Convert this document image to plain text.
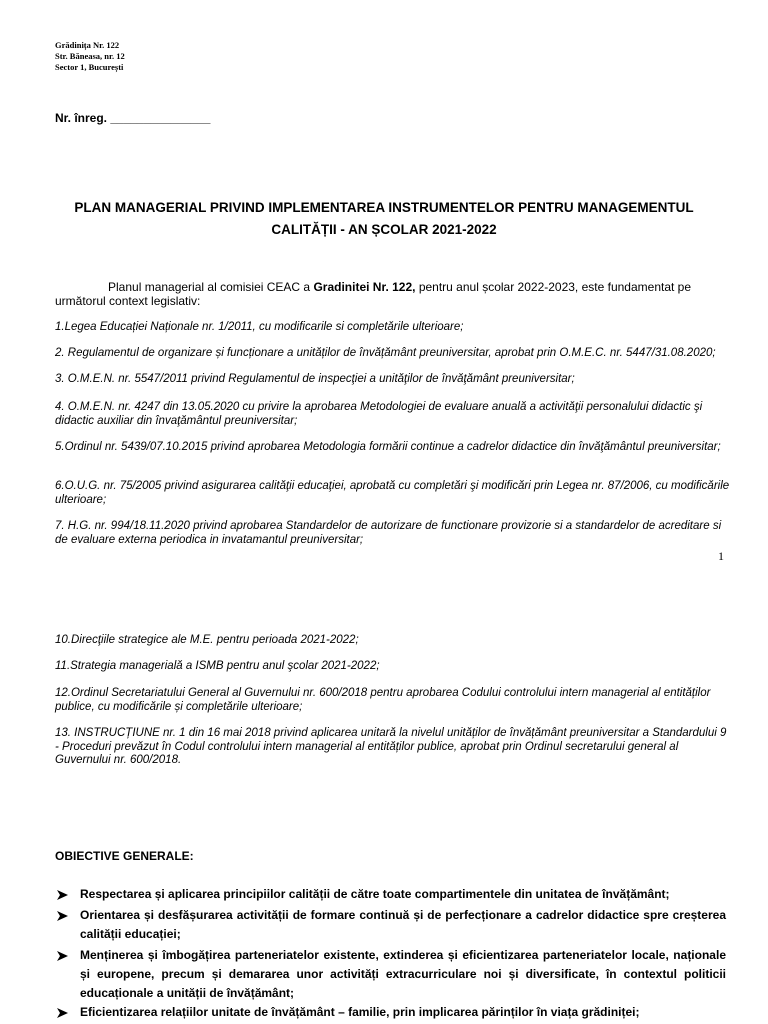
Grădinița Nr. 122
Str. Băneasa, nr. 12
Sector 1, București
Nr. înreg. _______________
PLAN MANAGERIAL PRIVIND IMPLEMENTAREA INSTRUMENTELOR PENTRU MANAGEMENTUL
CALITĂȚII - AN ȘCOLAR 2021-2022
Planul managerial al comisiei CEAC a Gradinitei Nr. 122, pentru anul școlar 2022-2023, este fundamentat pe următorul context legislativ:
1.Legea Educației Naționale nr. 1/2011, cu modificarile si completările ulterioare;
2. Regulamentul de organizare și funcționare a unităților de învățământ preuniversitar, aprobat prin O.M.E.C. nr. 5447/31.08.2020;
3. O.M.E.N. nr. 5547/2011 privind Regulamentul de inspecţiei a unităţilor de învăţământ preuniversitar;
4. O.M.E.N. nr. 4247 din 13.05.2020 cu privire la aprobarea Metodologiei de evaluare anuală a activităţii personalului didactic şi didactic auxiliar din învaţământul preuniversitar;
5.Ordinul nr. 5439/07.10.2015 privind aprobarea Metodologia formării continue a cadrelor didactice din învăţământul preuniversitar;
6.O.U.G. nr. 75/2005 privind asigurarea calităţii educaţiei, aprobată cu completări şi modificări prin Legea nr. 87/2006, cu modificările ulterioare;
7. H.G. nr. 994/18.11.2020 privind aprobarea Standardelor de autorizare de functionare provizorie si a standardelor de acreditare si de evaluare externa periodica in invatamantul preuniversitar;
1
10.Direcţiile strategice ale M.E. pentru perioada 2021-2022;
11.Strategia managerială a ISMB pentru anul şcolar 2021-2022;
12.Ordinul Secretariatului General al Guvernului nr. 600/2018 pentru aprobarea Codului controlului intern managerial al entităților publice, cu modificările și completările ulterioare;
13. INSTRUCȚIUNE nr. 1 din 16 mai 2018 privind aplicarea unitară la nivelul unităților de învățământ preuniversitar a Standardului 9 - Proceduri prevăzut în Codul controlului intern managerial al entităților publice, aprobat prin Ordinul secretarului general al Guvernului nr. 600/2018.
OBIECTIVE GENERALE:
Respectarea și aplicarea principiilor calității de către toate compartimentele din unitatea de învățământ;
Orientarea și desfășurarea activității de formare continuă și de perfecționare a cadrelor didactice spre creșterea calității educației;
Menținerea și îmbogățirea parteneriatelor existente, extinderea și eficientizarea parteneriatelor locale, naționale și europene, precum și demararea unor activități extracurriculare noi și diversificate, în contextul politicii educaționale a unității de învățământ;
Eficientizarea relațiilor unitate de învățământ – familie, prin implicarea părinților în viața grădiniței;
